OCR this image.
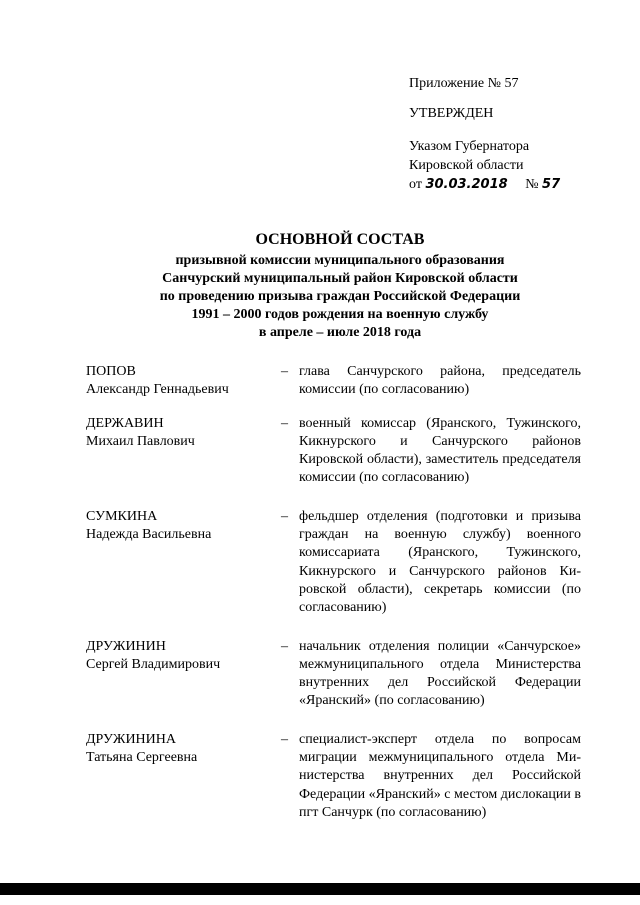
Приложение № 57
УТВЕРЖДЕН
Указом Губернатора
Кировской области
от 30.03.2018 № 57
ОСНОВНОЙ СОСТАВ
призывной комиссии муниципального образования
Санчурский муниципальный район Кировской области
по проведению призыва граждан Российской Федерации
1991 – 2000 годов рождения на военную службу
в апреле – июле 2018 года
ПОПОВ
Александр Геннадьевич
– глава Санчурского района, председатель комиссии (по согласованию)
ДЕРЖАВИН
Михаил Павлович
– военный комиссар (Яранского, Тужинского, Кикнурского и Санчурского районов Кировской области), заместитель председателя комиссии (по согласованию)
СУМКИНА
Надежда Васильевна
– фельдшер отделения (подготовки и призыва граждан на военную службу) военного комиссариата (Яранского, Тужинского, Кикнурского и Санчурского районов Кировской области), секретарь комиссии (по согласованию)
ДРУЖИНИН
Сергей Владимирович
– начальник отделения полиции «Санчурское» межмуниципального отдела Министерства внутренних дел Российской Федерации «Яранский» (по согласованию)
ДРУЖИНИНА
Татьяна Сергеевна
– специалист-эксперт отдела по вопросам миграции межмуниципального отдела Министерства внутренних дел Российской Федерации «Яранский» с местом дислокации в пгт Санчурк (по согласованию)
